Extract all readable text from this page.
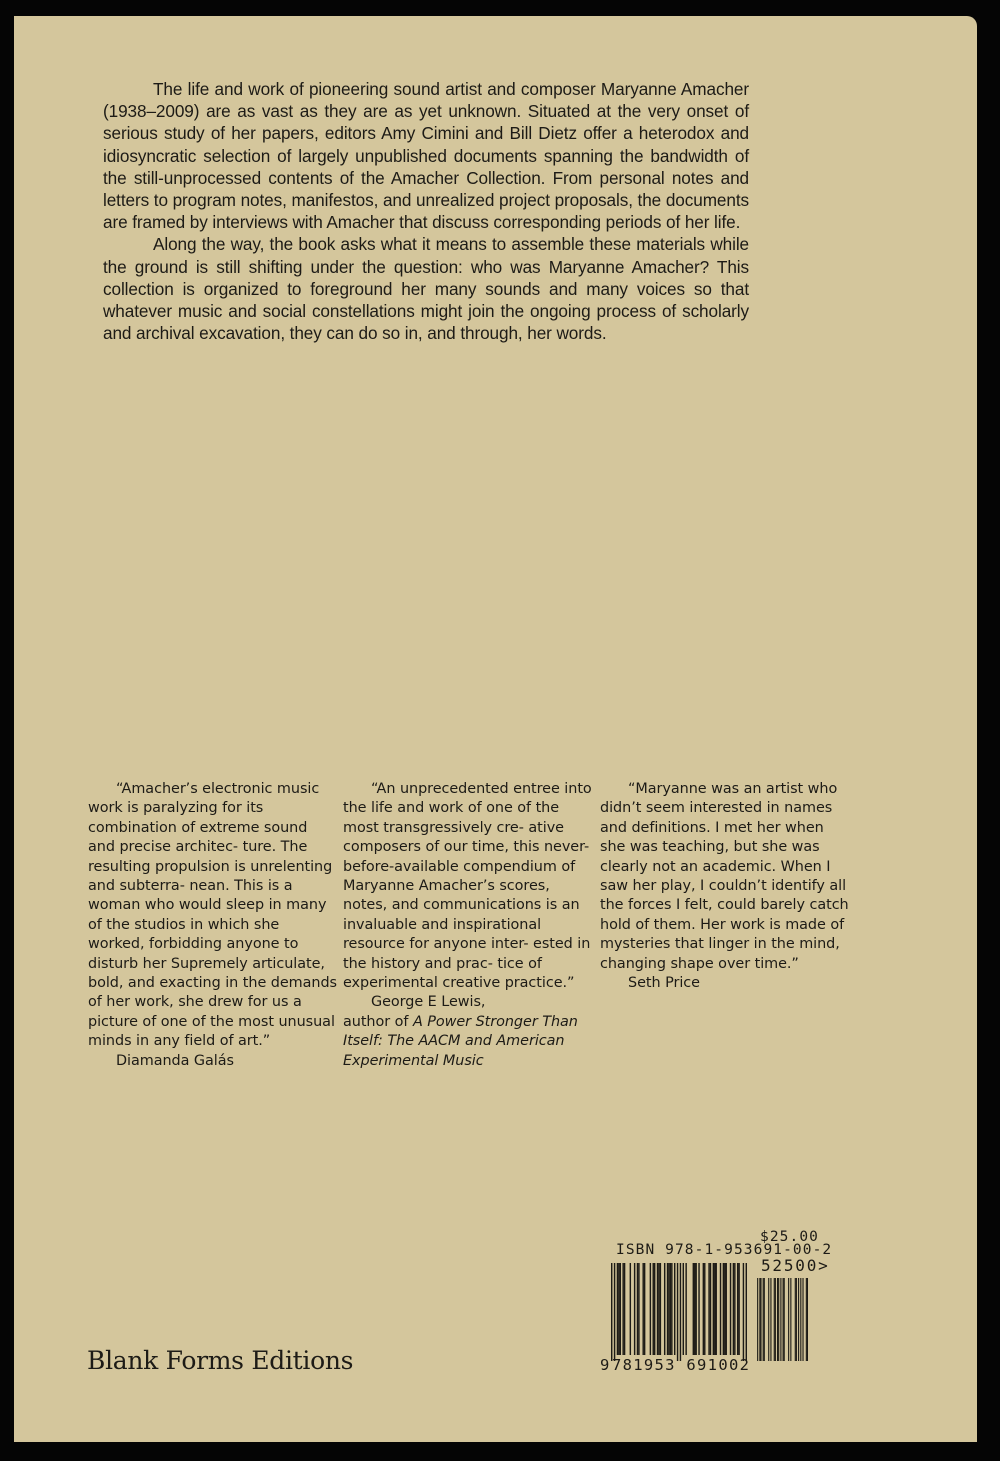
The life and work of pioneering sound artist and composer Maryanne Amacher (1938–2009) are as vast as they are as yet unknown. Situated at the very onset of serious study of her papers, editors Amy Cimini and Bill Dietz offer a heterodox and idiosyncratic selection of largely unpublished documents spanning the bandwidth of the still-unprocessed contents of the Amacher Collection. From personal notes and letters to program notes, manifestos, and unrealized project proposals, the documents are framed by interviews with Amacher that discuss corresponding periods of her life.

Along the way, the book asks what it means to assemble these materials while the ground is still shifting under the question: who was Maryanne Amacher? This collection is organized to foreground her many sounds and many voices so that whatever music and social constellations might join the ongoing process of scholarly and archival excavation, they can do so in, and through, her words.

“Amacher’s electronic music work is paralyzing for its combination of extreme sound and precise architec- ture. The resulting propulsion is unrelenting and subterra- nean. This is a woman who would sleep in many of the studios in which she worked, forbidding anyone to disturb her Supremely articulate, bold, and exacting in the demands of her work, she drew for us a picture of one of the most unusual minds in any field of art.”

Diamanda Galás

“An unprecedented entree into the life and work of one of the most transgressively cre- ative composers of our time, this never-before-available compendium of Maryanne Amacher’s scores, notes, and communications is an invaluable and inspirational resource for anyone inter- ested in the history and prac- tice of experimental creative practice.”

George E Lewis,
author of A Power Stronger Than Itself: The AACM and American Experimental Music

“Maryanne was an artist who didn’t seem interested in names and definitions. I met her when she was teaching, but she was clearly not an academic. When I saw her play, I couldn’t identify all the forces I felt, could barely catch hold of them. Her work is made of mysteries that linger in the mind, changing shape over time.”

Seth Price
$25.00
ISBN 978-1-953691-00-2
52500>
9 781953 691002
Blank Forms Editions
